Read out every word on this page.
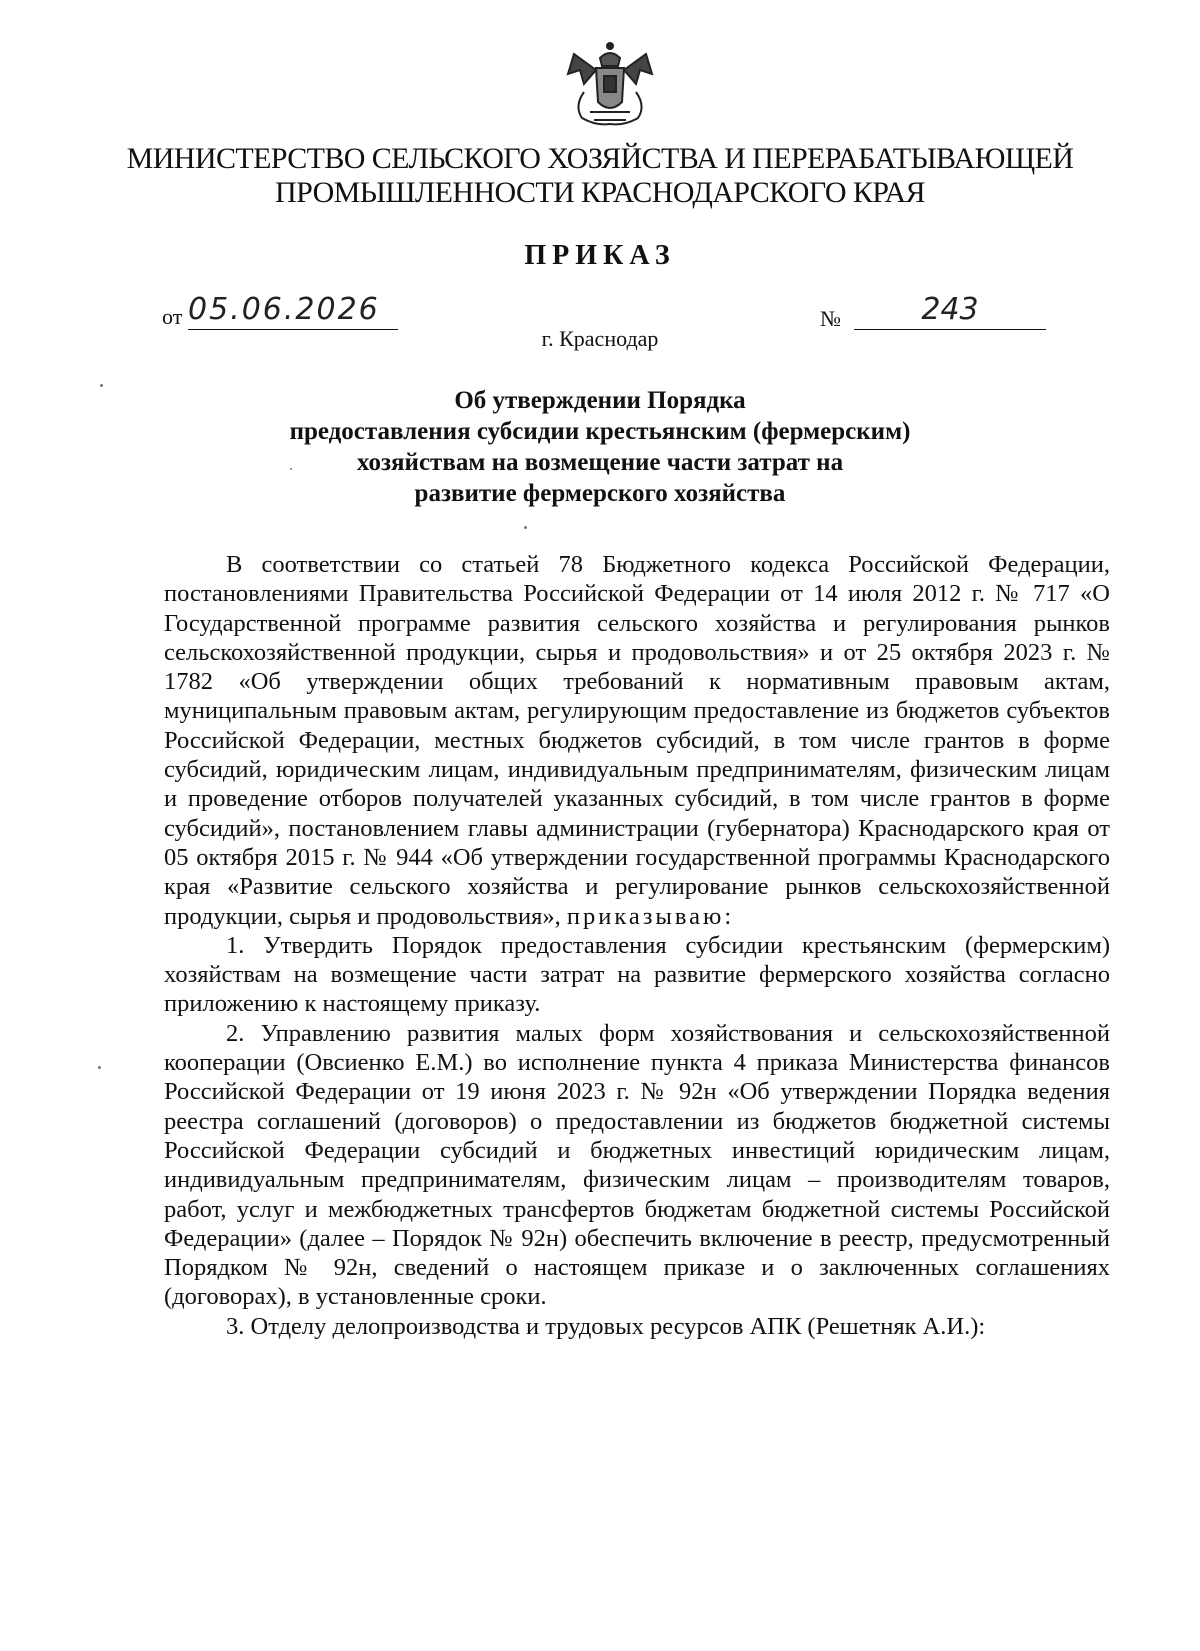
МИНИСТЕРСТВО СЕЛЬСКОГО ХОЗЯЙСТВА И ПЕРЕРАБАТЫВАЮЩЕЙ
ПРОМЫШЛЕННОСТИ КРАСНОДАРСКОГО КРАЯ
ПРИКАЗ
от 05.06.2026	№	243
г. Краснодар
Об утверждении Порядка
предоставления субсидии крестьянским (фермерским)
хозяйствам на возмещение части затрат на
развитие фермерского хозяйства

В соответствии со статьей 78 Бюджетного кодекса Российской Федерации, постановлениями Правительства Российской Федерации от 14 июля 2012 г. № 717 «О Государственной программе развития сельского хозяйства и регулирования рынков сельскохозяйственной продукции, сырья и продовольствия» и от 25 октября 2023 г. № 1782 «Об утверждении общих требований к нормативным правовым актам, муниципальным правовым актам, регулирующим предоставление из бюджетов субъектов Российской Федерации, местных бюджетов субсидий, в том числе грантов в форме субсидий, юридическим лицам, индивидуальным предпринимателям, физическим лицам и проведение отборов получателей указанных субсидий, в том числе грантов в форме субсидий», постановлением главы администрации (губернатора) Краснодарского края от 05 октября 2015 г. № 944 «Об утверждении государственной программы Краснодарского края «Развитие сельского хозяйства и регулирование рынков сельскохозяйственной продукции, сырья и продовольствия», приказываю:

1. Утвердить Порядок предоставления субсидии крестьянским (фермерским) хозяйствам на возмещение части затрат на развитие фермерского хозяйства согласно приложению к настоящему приказу.

2. Управлению развития малых форм хозяйствования и сельскохозяйственной кооперации (Овсиенко Е.М.) во исполнение пункта 4 приказа Министерства финансов Российской Федерации от 19 июня 2023 г. № 92н «Об утверждении Порядка ведения реестра соглашений (договоров) о предоставлении из бюджетов бюджетной системы Российской Федерации субсидий и бюджетных инвестиций юридическим лицам, индивидуальным предпринимателям, физическим лицам – производителям товаров, работ, услуг и межбюджетных трансфертов бюджетам бюджетной системы Российской Федерации» (далее – Порядок № 92н) обеспечить включение в реестр, предусмотренный Порядком № 92н, сведений о настоящем приказе и о заключенных соглашениях (договорах), в установленные сроки.

3. Отделу делопроизводства и трудовых ресурсов АПК (Решетняк А.И.):
